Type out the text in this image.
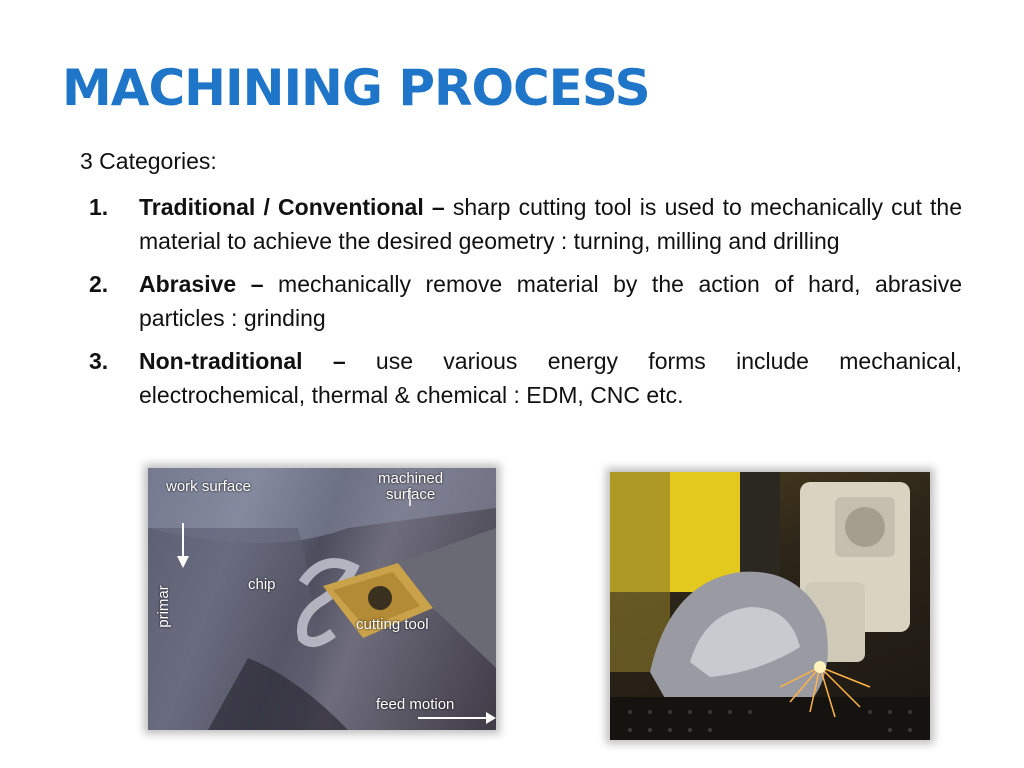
MACHINING PROCESS
3 Categories:
1. Traditional / Conventional – sharp cutting tool is used to mechanically cut the material to achieve the desired geometry : turning, milling and drilling
2. Abrasive – mechanically remove material by the action of hard, abrasive particles : grinding
3. Non-traditional – use various energy forms include mechanical, electrochemical, thermal & chemical : EDM, CNC etc.
work surface	machined
surface
chip
primar	cutting tool
feed motion
